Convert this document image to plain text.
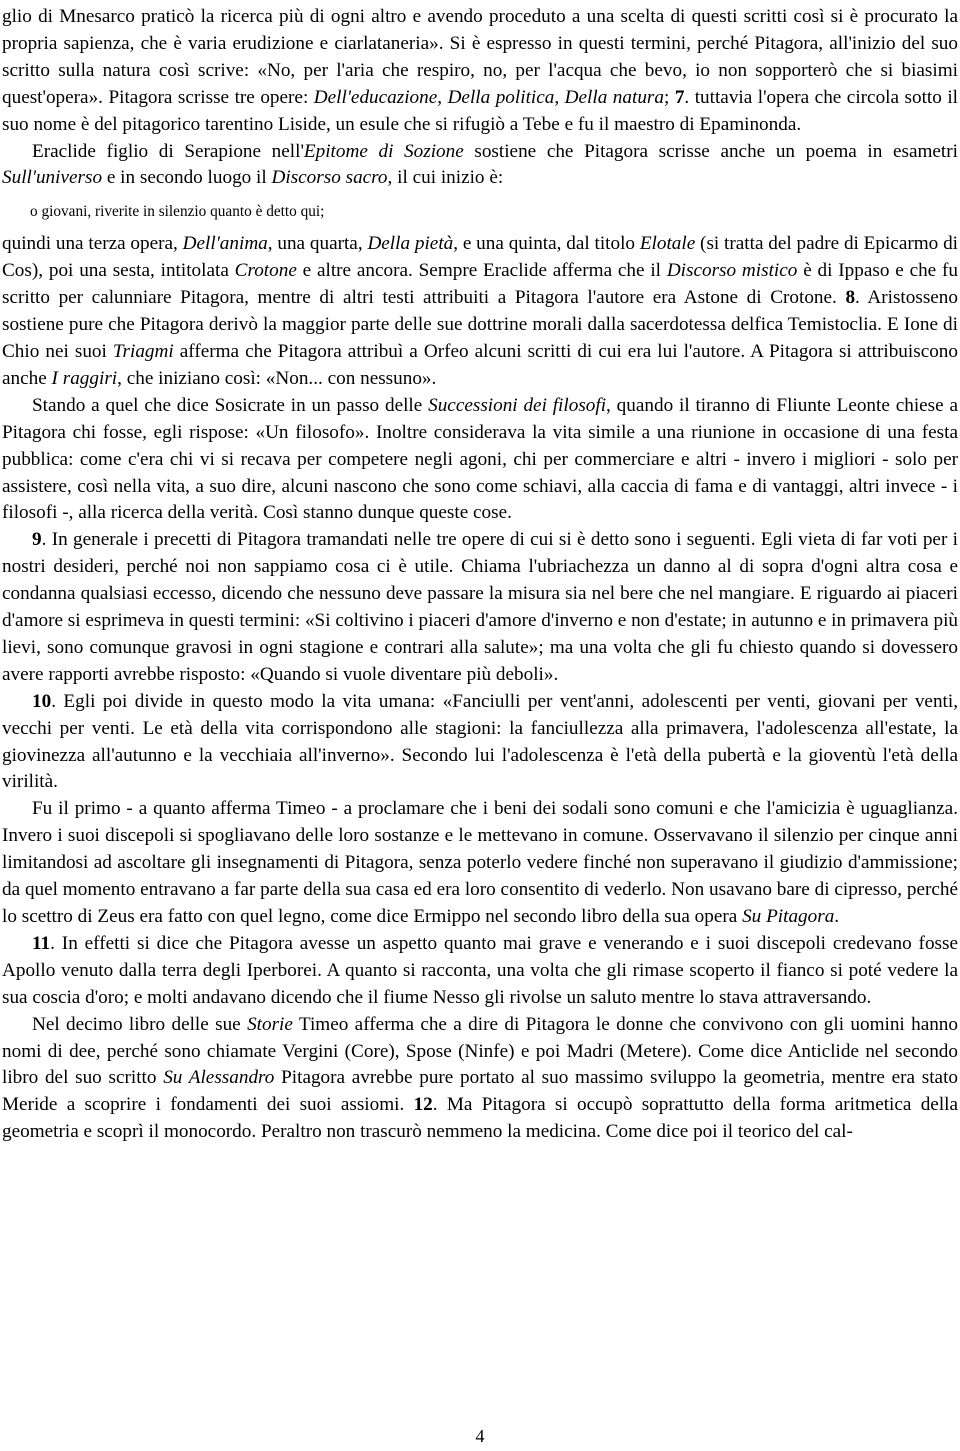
glio di Mnesarco praticò la ricerca più di ogni altro e avendo proceduto a una scelta di questi scritti così si è procurato la propria sapienza, che è varia erudizione e ciarlataneria». Si è espresso in questi termini, perché Pitagora, all'inizio del suo scritto sulla natura così scrive: «No, per l'aria che respiro, no, per l'acqua che bevo, io non sopporterò che si biasimi quest'opera». Pitagora scrisse tre opere: Dell'educazione, Della politica, Della natura; 7. tuttavia l'opera che circola sotto il suo nome è del pitagorico tarentino Liside, un esule che si rifugiò a Tebe e fu il maestro di Epaminonda.

Eraclide figlio di Serapione nell'Epitome di Sozione sostiene che Pitagora scrisse anche un poema in esametri Sull'universo e in secondo luogo il Discorso sacro, il cui inizio è:

o giovani, riverite in silenzio quanto è detto qui;

quindi una terza opera, Dell'anima, una quarta, Della pietà, e una quinta, dal titolo Elotale (si tratta del padre di Epicarmo di Cos), poi una sesta, intitolata Crotone e altre ancora. Sempre Eraclide afferma che il Discorso mistico è di Ippaso e che fu scritto per calunniare Pitagora, mentre di altri testi attribuiti a Pitagora l'autore era Astone di Crotone. 8. Aristosseno sostiene pure che Pitagora derivò la maggior parte delle sue dottrine morali dalla sacerdotessa delfica Temistoclia. E Ione di Chio nei suoi Triagmi afferma che Pitagora attribuì a Orfeo alcuni scritti di cui era lui l'autore. A Pitagora si attribuiscono anche I raggiri, che iniziano così: «Non... con nessuno».

Stando a quel che dice Sosicrate in un passo delle Successioni dei filosofi, quando il tiranno di Fliunte Leonte chiese a Pitagora chi fosse, egli rispose: «Un filosofo». Inoltre considerava la vita simile a una riunione in occasione di una festa pubblica: come c'era chi vi si recava per competere negli agoni, chi per commerciare e altri - invero i migliori - solo per assistere, così nella vita, a suo dire, alcuni nascono che sono come schiavi, alla caccia di fama e di vantaggi, altri invece - i filosofi -, alla ricerca della verità. Così stanno dunque queste cose.

9. In generale i precetti di Pitagora tramandati nelle tre opere di cui si è detto sono i seguenti. Egli vieta di far voti per i nostri desideri, perché noi non sappiamo cosa ci è utile. Chiama l'ubriachezza un danno al di sopra d'ogni altra cosa e condanna qualsiasi eccesso, dicendo che nessuno deve passare la misura sia nel bere che nel mangiare. E riguardo ai piaceri d'amore si esprimeva in questi termini: «Si coltivino i piaceri d'amore d'inverno e non d'estate; in autunno e in primavera più lievi, sono comunque gravosi in ogni stagione e contrari alla salute»; ma una volta che gli fu chiesto quando si dovessero avere rapporti avrebbe risposto: «Quando si vuole diventare più deboli».

10. Egli poi divide in questo modo la vita umana: «Fanciulli per vent'anni, adolescenti per venti, giovani per venti, vecchi per venti. Le età della vita corrispondono alle stagioni: la fanciullezza alla primavera, l'adolescenza all'estate, la giovinezza all'autunno e la vecchiaia all'inverno». Secondo lui l'adolescenza è l'età della pubertà e la gioventù l'età della virilità.

Fu il primo - a quanto afferma Timeo - a proclamare che i beni dei sodali sono comuni e che l'amicizia è uguaglianza. Invero i suoi discepoli si spogliavano delle loro sostanze e le mettevano in comune. Osservavano il silenzio per cinque anni limitandosi ad ascoltare gli insegnamenti di Pitagora, senza poterlo vedere finché non superavano il giudizio d'ammissione; da quel momento entravano a far parte della sua casa ed era loro consentito di vederlo. Non usavano bare di cipresso, perché lo scettro di Zeus era fatto con quel legno, come dice Ermippo nel secondo libro della sua opera Su Pitagora.

11. In effetti si dice che Pitagora avesse un aspetto quanto mai grave e venerando e i suoi discepoli credevano fosse Apollo venuto dalla terra degli Iperborei. A quanto si racconta, una volta che gli rimase scoperto il fianco si poté vedere la sua coscia d'oro; e molti andavano dicendo che il fiume Nesso gli rivolse un saluto mentre lo stava attraversando.

Nel decimo libro delle sue Storie Timeo afferma che a dire di Pitagora le donne che convivono con gli uomini hanno nomi di dee, perché sono chiamate Vergini (Core), Spose (Ninfe) e poi Madri (Metere). Come dice Anticlide nel secondo libro del suo scritto Su Alessandro Pitagora avrebbe pure portato al suo massimo sviluppo la geometria, mentre era stato Meride a scoprire i fondamenti dei suoi assiomi. 12. Ma Pitagora si occupò soprattutto della forma aritmetica della geometria e scoprì il monocordo. Peraltro non trascurò nemmeno la medicina. Come dice poi il teorico del cal-

4
